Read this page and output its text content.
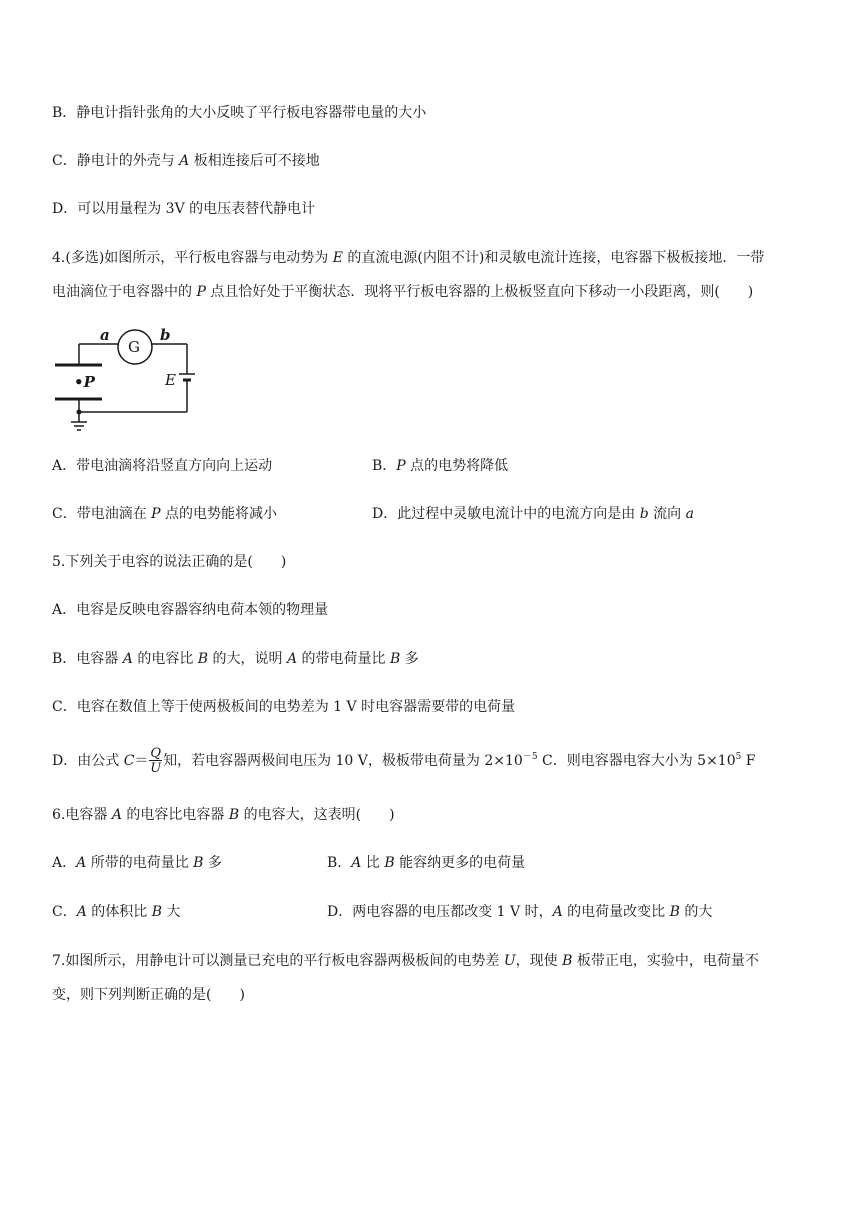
B．静电计指针张角的大小反映了平行板电容器带电量的大小
C．静电计的外壳与 A 板相连接后可不接地
D．可以用量程为 3V 的电压表替代静电计
4.(多选)如图所示，平行板电容器与电动势为 E 的直流电源(内阻不计)和灵敏电流计连接，电容器下极板接地．一带
电油滴位于电容器中的 P 点且恰好处于平衡状态．现将平行板电容器的上极板竖直向下移动一小段距离，则( )
a
G
b
E
•P
A．带电油滴将沿竖直方向向上运动	B．P 点的电势将降低
C．带电油滴在 P 点的电势能将减小	D．此过程中灵敏电流计中的电流方向是由 b 流向 a
5.下列关于电容的说法正确的是( )
A．电容是反映电容器容纳电荷本领的物理量
B．电容器 A 的电容比 B 的大，说明 A 的带电荷量比 B 多
C．电容在数值上等于使两极板间的电势差为 1 V 时电容器需要带的电荷量
D．由公式 $C= \frac{Q}{U}$ 知，若电容器两极间电压为 10 V，极板带电荷量为 $2\times 10^{-5}$ C．则电容器电容大小为 $5\times 10^5$ F
6.电容器 A 的电容比电容器 B 的电容大，这表明( )
A．A 所带的电荷量比 B 多	B．A 比 B 能容纳更多的电荷量
C．A 的体积比 B 大	D．两电容器的电压都改变 1 V 时，A 的电荷量改变比 B 的大
7.如图所示，用静电计可以测量已充电的平行板电容器两极板间的电势差 U，现使 B 板带正电，实验中，电荷量不
变，则下列判断正确的是( )
